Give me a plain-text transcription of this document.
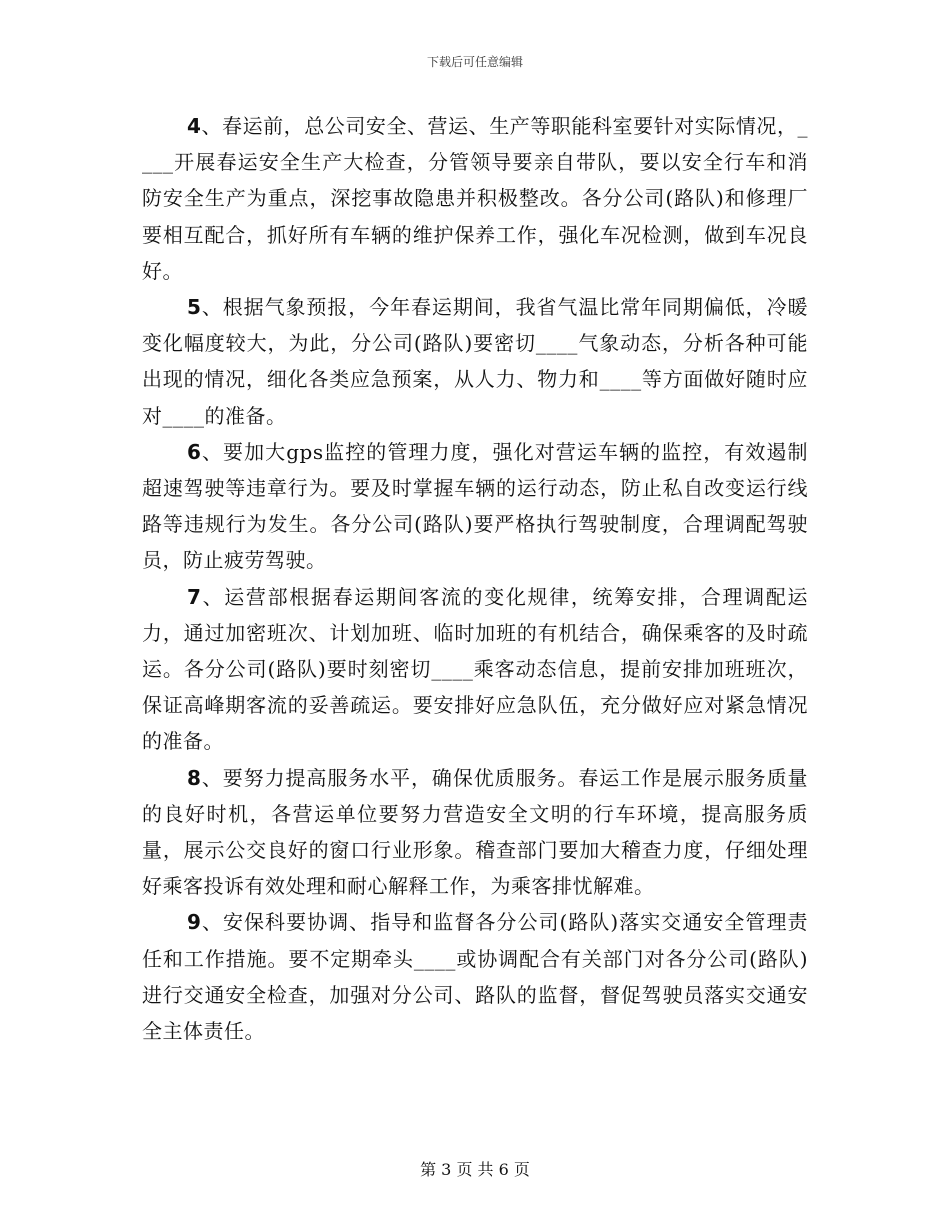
下载后可任意编辑

4、春运前，总公司安全、营运、生产等职能科室要针对实际情况，____开展春运安全生产大检查，分管领导要亲自带队，要以安全行车和消防安全生产为重点，深挖事故隐患并积极整改。各分公司(路队)和修理厂要相互配合，抓好所有车辆的维护保养工作，强化车况检测，做到车况良好。

5、根据气象预报，今年春运期间，我省气温比常年同期偏低，冷暖变化幅度较大，为此，分公司(路队)要密切____气象动态，分析各种可能出现的情况，细化各类应急预案，从人力、物力和____等方面做好随时应对____的准备。

6、要加大gps监控的管理力度，强化对营运车辆的监控，有效遏制超速驾驶等违章行为。要及时掌握车辆的运行动态，防止私自改变运行线路等违规行为发生。各分公司(路队)要严格执行驾驶制度，合理调配驾驶员，防止疲劳驾驶。

7、运营部根据春运期间客流的变化规律，统筹安排，合理调配运力，通过加密班次、计划加班、临时加班的有机结合，确保乘客的及时疏运。各分公司(路队)要时刻密切____乘客动态信息，提前安排加班班次，保证高峰期客流的妥善疏运。要安排好应急队伍，充分做好应对紧急情况的准备。

8、要努力提高服务水平，确保优质服务。春运工作是展示服务质量的良好时机，各营运单位要努力营造安全文明的行车环境，提高服务质量，展示公交良好的窗口行业形象。稽查部门要加大稽查力度，仔细处理好乘客投诉有效处理和耐心解释工作，为乘客排忧解难。

9、安保科要协调、指导和监督各分公司(路队)落实交通安全管理责任和工作措施。要不定期牵头____或协调配合有关部门对各分公司(路队)进行交通安全检查，加强对分公司、路队的监督，督促驾驶员落实交通安全主体责任。

第 3 页 共 6 页
